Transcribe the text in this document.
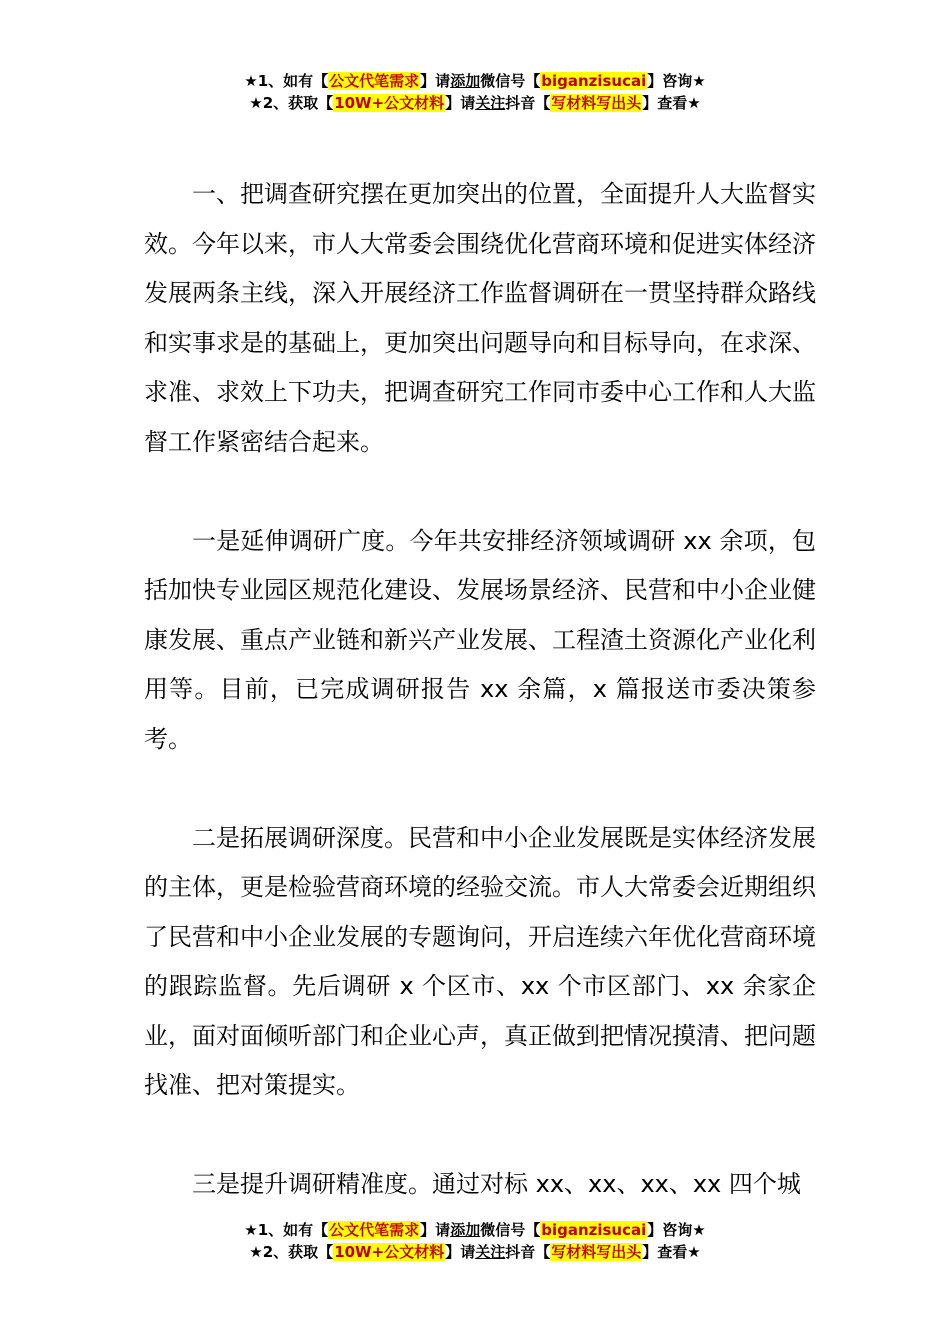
★1、如有【公文代笔需求】请添加微信号【biganzisucai】咨询★
★2、获取【10W+公文材料】请关注抖音【写材料写出头】查看★

一、把调查研究摆在更加突出的位置，全面提升人大监督实效。今年以来，市人大常委会围绕优化营商环境和促进实体经济发展两条主线，深入开展经济工作监督调研在一贯坚持群众路线和实事求是的基础上，更加突出问题导向和目标导向，在求深、求准、求效上下功夫，把调查研究工作同市委中心工作和人大监督工作紧密结合起来。

一是延伸调研广度。今年共安排经济领域调研 xx 余项，包括加快专业园区规范化建设、发展场景经济、民营和中小企业健康发展、重点产业链和新兴产业发展、工程渣土资源化产业化利用等。目前，已完成调研报告 xx 余篇，x 篇报送市委决策参考。

二是拓展调研深度。民营和中小企业发展既是实体经济发展的主体，更是检验营商环境的经验交流。市人大常委会近期组织了民营和中小企业发展的专题询问，开启连续六年优化营商环境的跟踪监督。先后调研 x 个区市、xx 个市区部门、xx 余家企业，面对面倾听部门和企业心声，真正做到把情况摸清、把问题找准、把对策提实。

三是提升调研精准度。通过对标 xx、xx、xx、xx 四个城

★1、如有【公文代笔需求】请添加微信号【biganzisucai】咨询★
★2、获取【10W+公文材料】请关注抖音【写材料写出头】查看★
